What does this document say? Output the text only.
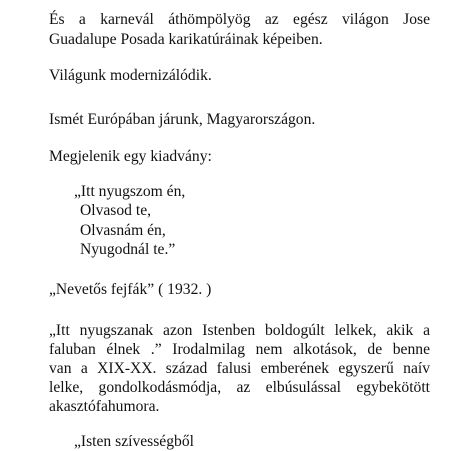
És a karnevál áthömpölyög az egész világon Jose
Guadalupe Posada karikatúráinak képeiben.
Világunk modernizálódik.
Ismét Európában járunk, Magyarországon.
Megjelenik egy kiadvány:
„Itt nyugszom én,
Olvasod te,
Olvasnám én,
Nyugodnál te.”
„Nevetős fejfák” ( 1932. )
„Itt nyugszanak azon Istenben boldogúlt lelkek, akik a
faluban élnek .” Irodalmilag nem alkotások, de benne
van a XIX-XX. század falusi emberének egyszerű naív
lelke, gondolkodásmódja, az elbúsulással egybekötött
akasztófahumora.
„Isten szívességből
